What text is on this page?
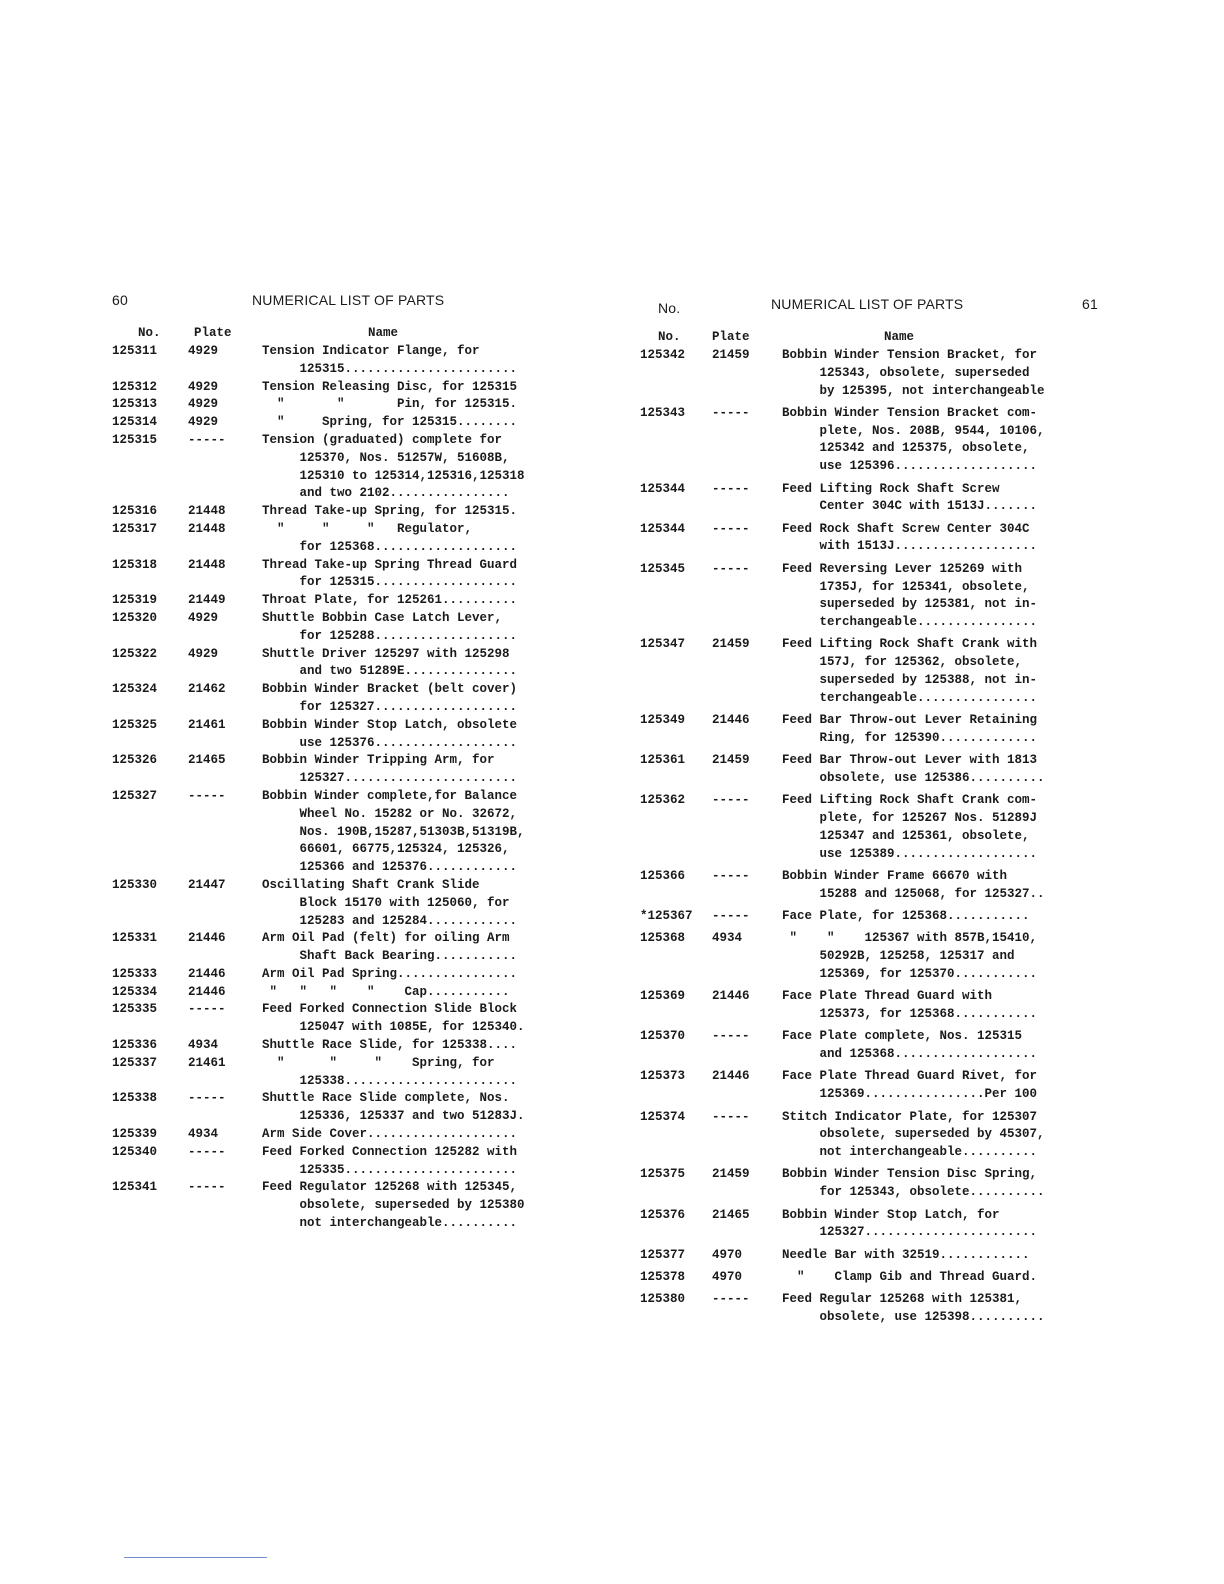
60	NUMERICAL LIST OF PARTS
No.	Plate	Name
125311 4929	Tension Indicator Flange, for
125315.......................
125312 4929	Tension Releasing Disc, for 125315
125313 4929	"       "       Pin, for 125315.
125314 4929	"     Spring, for 125315........
125315 -----	Tension (graduated) complete for
125370, Nos. 51257W, 51608B,
125310 to 125314,125316,125318
and two 2102................
125316 21448	Thread Take-up Spring, for 125315.
125317 21448	"     "     "   Regulator,
for 125368...................
125318 21448	Thread Take-up Spring Thread Guard
for 125315...................
125319 21449	Throat Plate, for 125261..........
125320 4929	Shuttle Bobbin Case Latch Lever,
for 125288...................
125322 4929	Shuttle Driver 125297 with 125298
and two 51289E...............
125324 21462	Bobbin Winder Bracket (belt cover)
for 125327...................
125325 21461	Bobbin Winder Stop Latch, obsolete
use 125376...................
125326 21465	Bobbin Winder Tripping Arm, for
125327.......................
125327 -----	Bobbin Winder complete,for Balance
Wheel No. 15282 or No. 32672,
Nos. 190B,15287,51303B,51319B,
66601, 66775,125324, 125326,
125366 and 125376............
125330 21447	Oscillating Shaft Crank Slide
Block 15170 with 125060, for
125283 and 125284............
125331 21446	Arm Oil Pad (felt) for oiling Arm
Shaft Back Bearing...........
125333 21446	Arm Oil Pad Spring................
125334 21446	"   "   "    "    Cap...........
125335 -----	Feed Forked Connection Slide Block
125047 with 1085E, for 125340.
125336 4934	Shuttle Race Slide, for 125338....
125337 21461	"      "     "    Spring, for
125338.......................
125338 -----	Shuttle Race Slide complete, Nos.
125336, 125337 and two 51283J.
125339 4934	Arm Side Cover....................
125340 -----	Feed Forked Connection 125282 with
125335.......................
125341 -----	Feed Regulator 125268 with 125345,
obsolete, superseded by 125380
not interchangeable..........
No.	NUMERICAL LIST OF PARTS	61
No.	Plate	Name
125342 21459	Bobbin Winder Tension Bracket, for
125343, obsolete, superseded
by 125395, not interchangeable
125343 -----	Bobbin Winder Tension Bracket com-
plete, Nos. 208B, 9544, 10106,
125342 and 125375, obsolete,
use 125396...................
125344 -----	Feed Lifting Rock Shaft Screw
Center 304C with 1513J.......
125344 -----	Feed Rock Shaft Screw Center 304C
with 1513J...................
125345 -----	Feed Reversing Lever 125269 with
1735J, for 125341, obsolete,
superseded by 125381, not in-
terchangeable................
125347 21459	Feed Lifting Rock Shaft Crank with
157J, for 125362, obsolete,
superseded by 125388, not in-
terchangeable................
125349 21446	Feed Bar Throw-out Lever Retaining
Ring, for 125390.............
125361 21459	Feed Bar Throw-out Lever with 1813
obsolete, use 125386..........
125362 -----	Feed Lifting Rock Shaft Crank com-
plete, for 125267 Nos. 51289J
125347 and 125361, obsolete,
use 125389...................
125366 -----	Bobbin Winder Frame 66670 with
15288 and 125068, for 125327..
*125367 -----	Face Plate, for 125368...........
125368 4934	"    "    125367 with 857B,15410,
50292B, 125258, 125317 and
125369, for 125370...........
125369 21446	Face Plate Thread Guard with
125373, for 125368...........
125370 -----	Face Plate complete, Nos. 125315
and 125368...................
125373 21446	Face Plate Thread Guard Rivet, for
125369................Per 100
125374 -----	Stitch Indicator Plate, for 125307
obsolete, superseded by 45307,
not interchangeable..........
125375 21459	Bobbin Winder Tension Disc Spring,
for 125343, obsolete..........
125376 21465	Bobbin Winder Stop Latch, for
125327.......................
125377 4970	Needle Bar with 32519............
125378 4970	"    Clamp Gib and Thread Guard.
125380 -----	Feed Regular 125268 with 125381,
obsolete, use 125398..........
